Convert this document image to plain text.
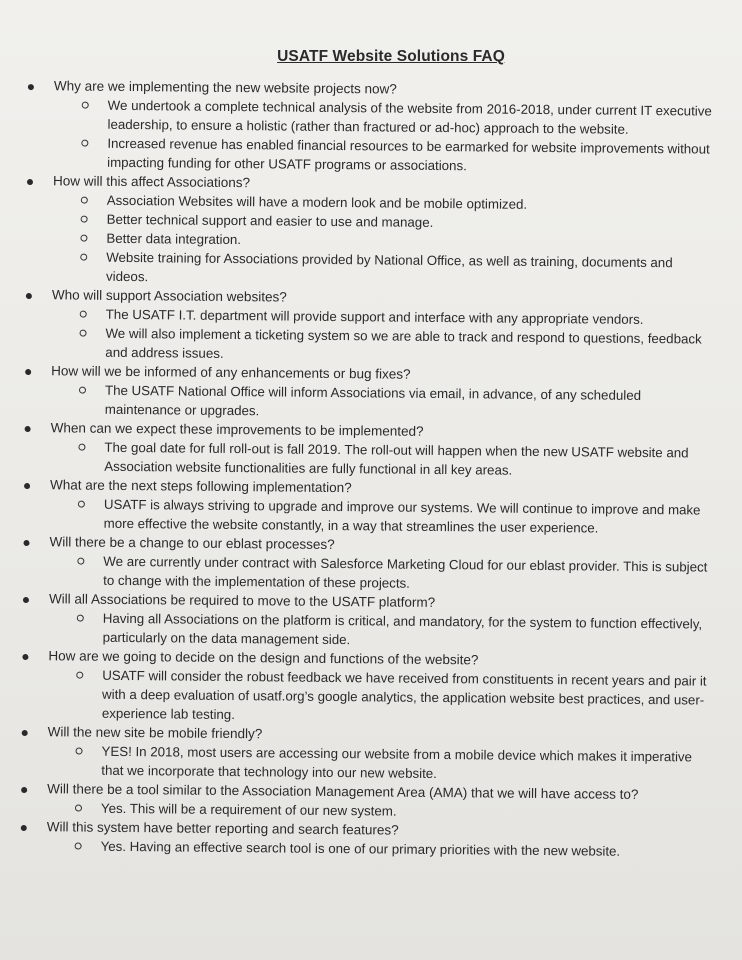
USATF Website Solutions FAQ
Why are we implementing the new website projects now?
We undertook a complete technical analysis of the website from 2016-2018, under current IT executive leadership, to ensure a holistic (rather than fractured or ad-hoc) approach to the website.
Increased revenue has enabled financial resources to be earmarked for website improvements without impacting funding for other USATF programs or associations.
How will this affect Associations?
Association Websites will have a modern look and be mobile optimized.
Better technical support and easier to use and manage.
Better data integration.
Website training for Associations provided by National Office, as well as training, documents and videos.
Who will support Association websites?
The USATF I.T. department will provide support and interface with any appropriate vendors.
We will also implement a ticketing system so we are able to track and respond to questions, feedback and address issues.
How will we be informed of any enhancements or bug fixes?
The USATF National Office will inform Associations via email, in advance, of any scheduled maintenance or upgrades.
When can we expect these improvements to be implemented?
The goal date for full roll-out is fall 2019. The roll-out will happen when the new USATF website and Association website functionalities are fully functional in all key areas.
What are the next steps following implementation?
USATF is always striving to upgrade and improve our systems. We will continue to improve and make more effective the website constantly, in a way that streamlines the user experience.
Will there be a change to our eblast processes?
We are currently under contract with Salesforce Marketing Cloud for our eblast provider. This is subject to change with the implementation of these projects.
Will all Associations be required to move to the USATF platform?
Having all Associations on the platform is critical, and mandatory, for the system to function effectively, particularly on the data management side.
How are we going to decide on the design and functions of the website?
USATF will consider the robust feedback we have received from constituents in recent years and pair it with a deep evaluation of usatf.org’s google analytics, the application website best practices, and user-experience lab testing.
Will the new site be mobile friendly?
YES! In 2018, most users are accessing our website from a mobile device which makes it imperative that we incorporate that technology into our new website.
Will there be a tool similar to the Association Management Area (AMA) that we will have access to?
Yes. This will be a requirement of our new system.
Will this system have better reporting and search features?
Yes. Having an effective search tool is one of our primary priorities with the new website.
